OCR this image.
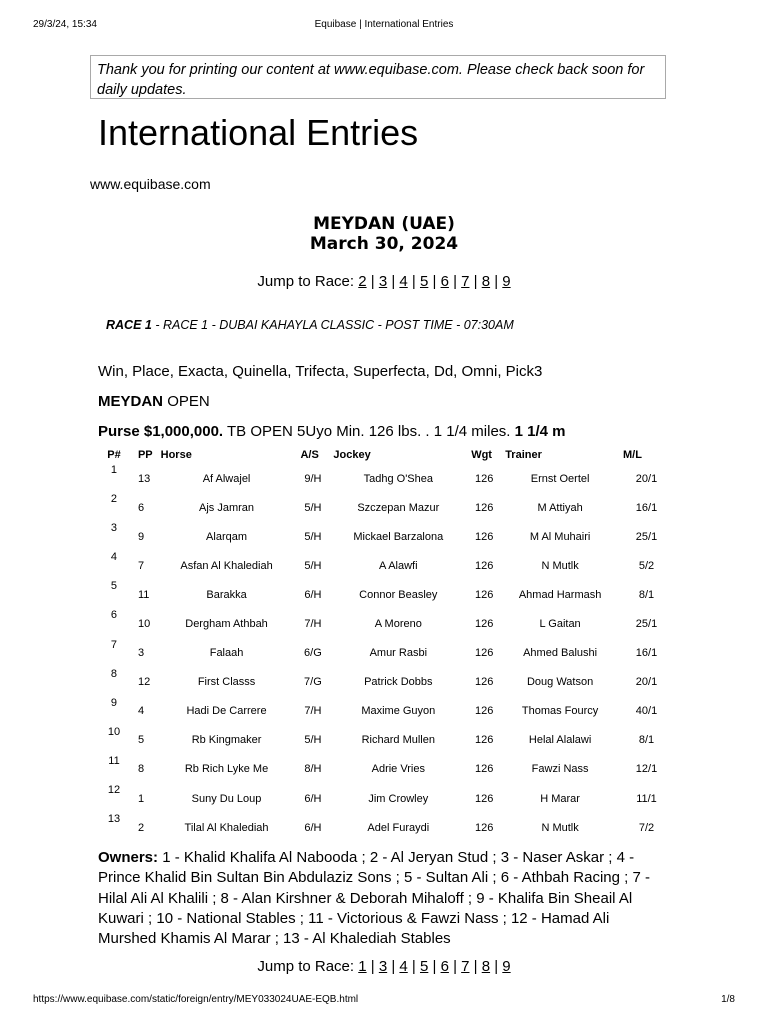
29/3/24, 15:34	Equibase | International Entries
Thank you for printing our content at www.equibase.com. Please check back soon for daily updates.
International Entries
www.equibase.com
MEYDAN (UAE)
March 30, 2024
Jump to Race: 2 | 3 | 4 | 5 | 6 | 7 | 8 | 9
RACE 1 - RACE 1 - DUBAI KAHAYLA CLASSIC - POST TIME - 07:30AM
Win, Place, Exacta, Quinella, Trifecta, Superfecta, Dd, Omni, Pick3
MEYDAN OPEN
Purse $1,000,000. TB OPEN 5Uyo Min. 126 lbs. . 1 1/4 miles. 1 1/4 m
P#	PP	Horse	A/S	Jockey	Wgt	Trainer	M/L
1	13	Af Alwajel	9/H	Tadhg O'Shea	126	Ernst Oertel	20/1
2	6	Ajs Jamran	5/H	Szczepan Mazur	126	M Attiyah	16/1
3	9	Alarqam	5/H	Mickael Barzalona	126	M Al Muhairi	25/1
4	7	Asfan Al Khalediah	5/H	A Alawfi	126	N Mutlk	5/2
5	11	Barakka	6/H	Connor Beasley	126	Ahmad Harmash	8/1
6	10	Dergham Athbah	7/H	A Moreno	126	L Gaitan	25/1
7	3	Falaah	6/G	Amur Rasbi	126	Ahmed Balushi	16/1
8	12	First Classs	7/G	Patrick Dobbs	126	Doug Watson	20/1
9	4	Hadi De Carrere	7/H	Maxime Guyon	126	Thomas Fourcy	40/1
10	5	Rb Kingmaker	5/H	Richard Mullen	126	Helal Alalawi	8/1
11	8	Rb Rich Lyke Me	8/H	Adrie Vries	126	Fawzi Nass	12/1
12	1	Suny Du Loup	6/H	Jim Crowley	126	H Marar	11/1
13	2	Tilal Al Khalediah	6/H	Adel Furaydi	126	N Mutlk	7/2
Owners: 1 - Khalid Khalifa Al Nabooda ; 2 - Al Jeryan Stud ; 3 - Naser Askar ; 4 - Prince Khalid Bin Sultan Bin Abdulaziz Sons ; 5 - Sultan Ali ; 6 - Athbah Racing ; 7 - Hilal Ali Al Khalili ; 8 - Alan Kirshner & Deborah Mihaloff ; 9 - Khalifa Bin Sheail Al Kuwari ; 10 - National Stables ; 11 - Victorious & Fawzi Nass ; 12 - Hamad Ali Murshed Khamis Al Marar ; 13 - Al Khalediah Stables
Jump to Race: 1 | 3 | 4 | 5 | 6 | 7 | 8 | 9
https://www.equibase.com/static/foreign/entry/MEY033024UAE-EQB.html	1/8
